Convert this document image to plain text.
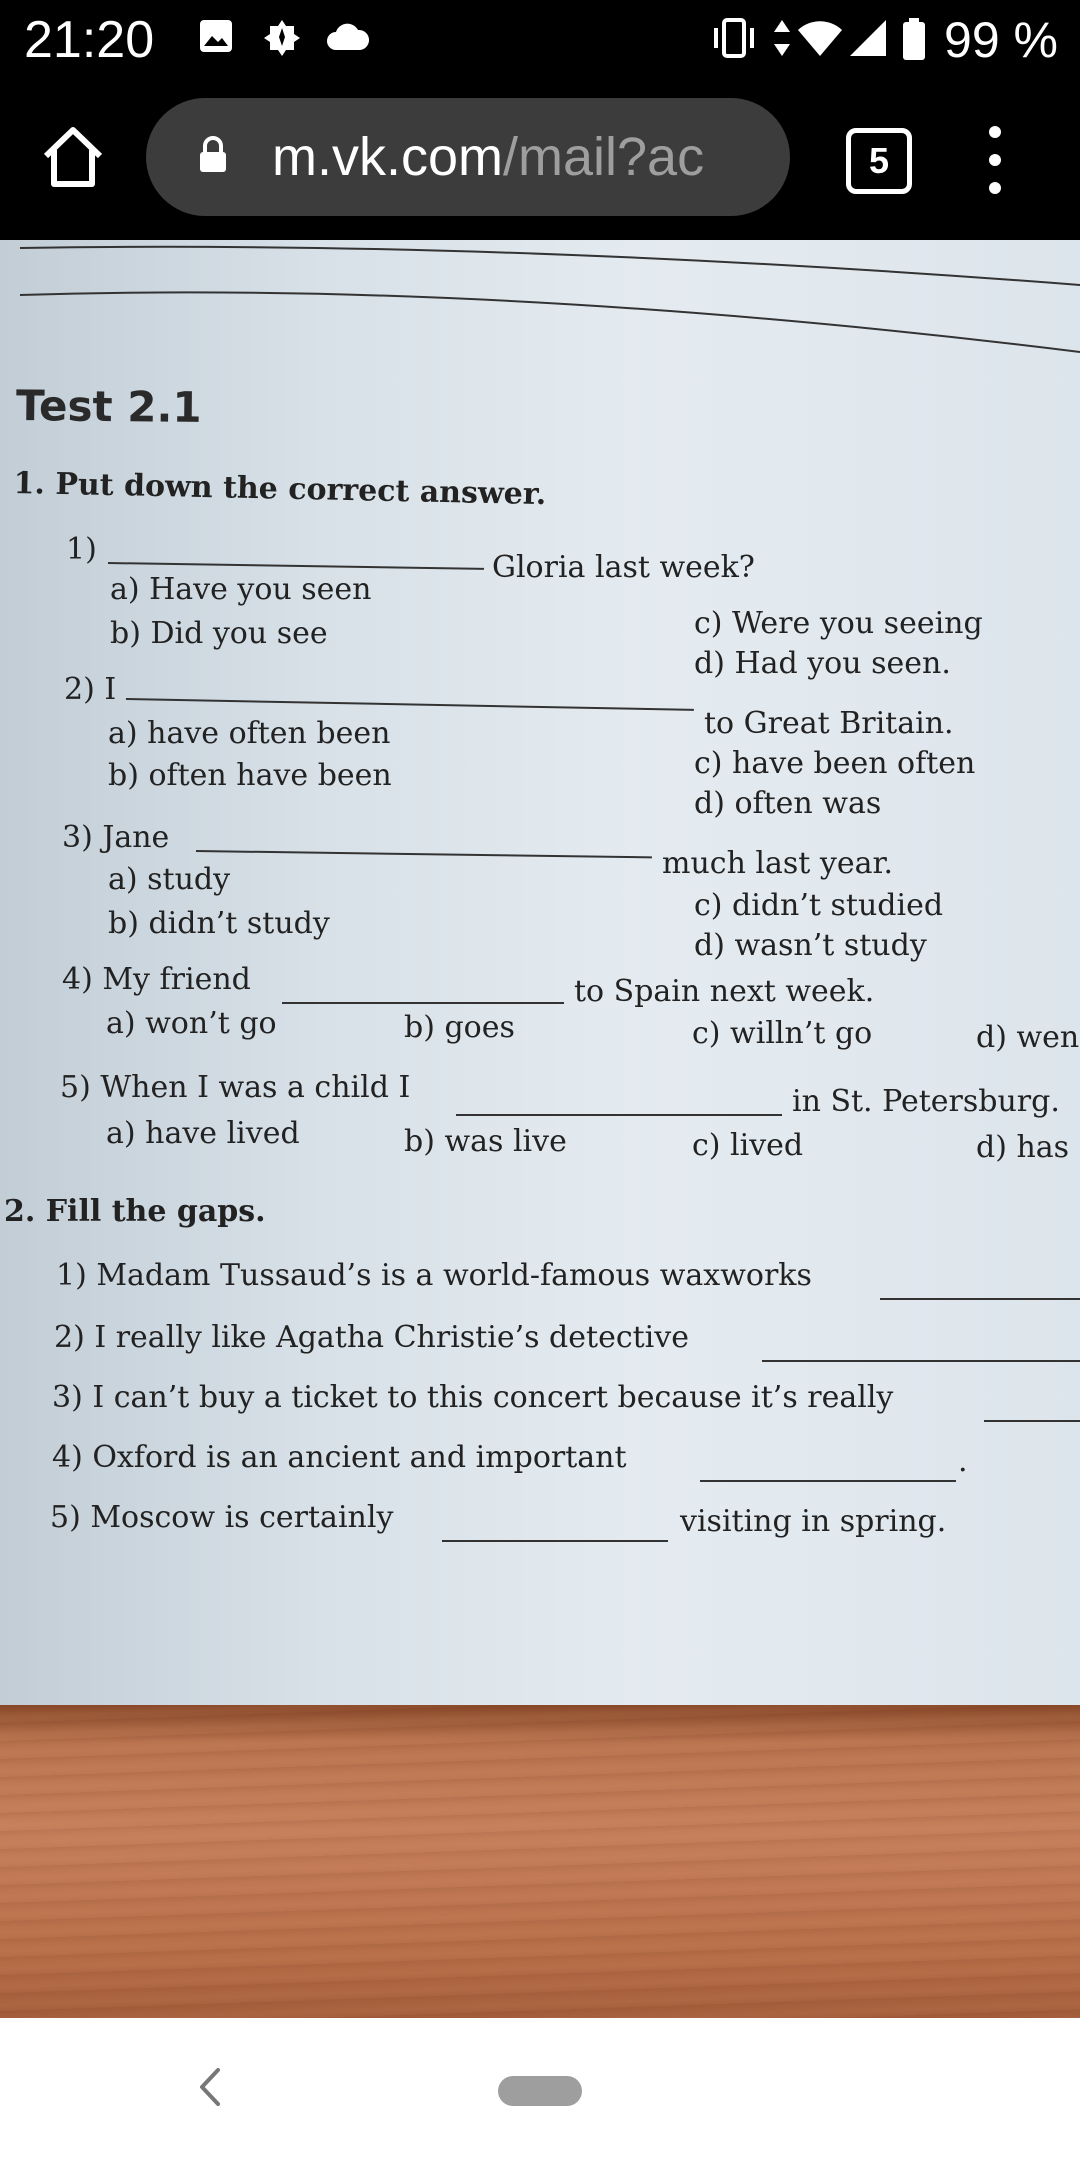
21:20	99 %
m.vk.com/mail?ac	5
Test 2.1
1. Put down the correct answer.
1)
Gloria last week?
a) Have you seen
b) Did you see	c) Were you seeing
d) Had you seen.
2) I
to Great Britain.
a) have often been
b) often have been	c) have been often
d) often was
3) Jane
much last year.
a) study
b) didn’t study
c) didn’t studied
d) wasn’t study
4) My friend	to Spain next week.
a) won’t go	b) goes	c) willn’t go	d) wen
5) When I was a child I	in St. Petersburg.
a) have lived	b) was live	c) lived	d) has
2. Fill the gaps.
1) Madam Tussaud’s is a world-famous waxworks
2) I really like Agatha Christie’s detective
3) I can’t buy a ticket to this concert because it’s really
4) Oxford is an ancient and important	.
5) Moscow is certainly	visiting in spring.
